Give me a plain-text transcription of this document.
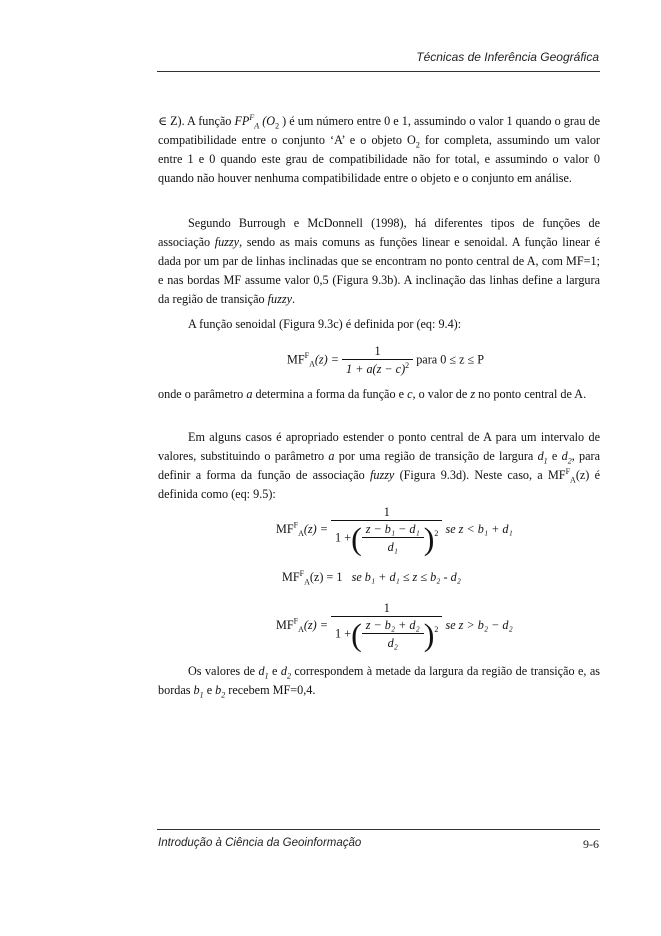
Técnicas de Inferência Geográfica

∈ Z). A função $FP^F_A$ ($O_2$ ) é um número entre 0 e 1, assumindo o valor 1 quando o grau de compatibilidade entre o conjunto ‘A’ e o objeto $O_2$ for completa, assumindo um valor entre 1 e 0 quando este grau de compatibilidade não for total, e assumindo o valor 0 quando não houver nenhuma compatibilidade entre o objeto e o conjunto em análise.

Segundo Burrough e McDonnell (1998), há diferentes tipos de funções de associação fuzzy, sendo as mais comuns as funções linear e senoidal. A função linear é dada por um par de linhas inclinadas que se encontram no ponto central de A, com MF=1; e nas bordas MF assume valor 0,5 (Figura 9.3b). A inclinação das linhas define a largura da região de transição fuzzy.

A função senoidal (Figura 9.3c) é definida por (eq: 9.4):

$MF^F_A(z) = \frac{1}{1 + a(z - c)^2}$ para 0 ≤ z ≤ P

onde o parâmetro a determina a forma da função e c, o valor de z no ponto central de A.

Em alguns casos é apropriado estender o ponto central de A para um intervalo de valores, substituindo o parâmetro a por uma região de transição de largura $d_1$ e $d_2$, para definir a forma da função de associação fuzzy (Figura 9.3d). Neste caso, a $MF^F_A(z)$ é definida como (eq: 9.5):

$MF^F_A(z) = \frac{1}{1 +( \frac{\text{z − b₁ − d₁}}{\text{d₁}} )^2}$ se z < b₁ + d₁
$MF^F_A(z) = 1$ se b₁ + d₁ ≤ z ≤ b₂ - d₂
$MF^F_A(z) = \frac{1}{1 +( \frac{\text{z − b₂ + d₂}}{\text{d₂}} )^2}$ se z > b₂ − d₂

Os valores de $d_1$ e $d_2$ correspondem à metade da largura da região de transição e, as bordas $b_1$ e $b_2$ recebem MF=0,4.

Introdução à Ciência da Geoinformação	9-6
